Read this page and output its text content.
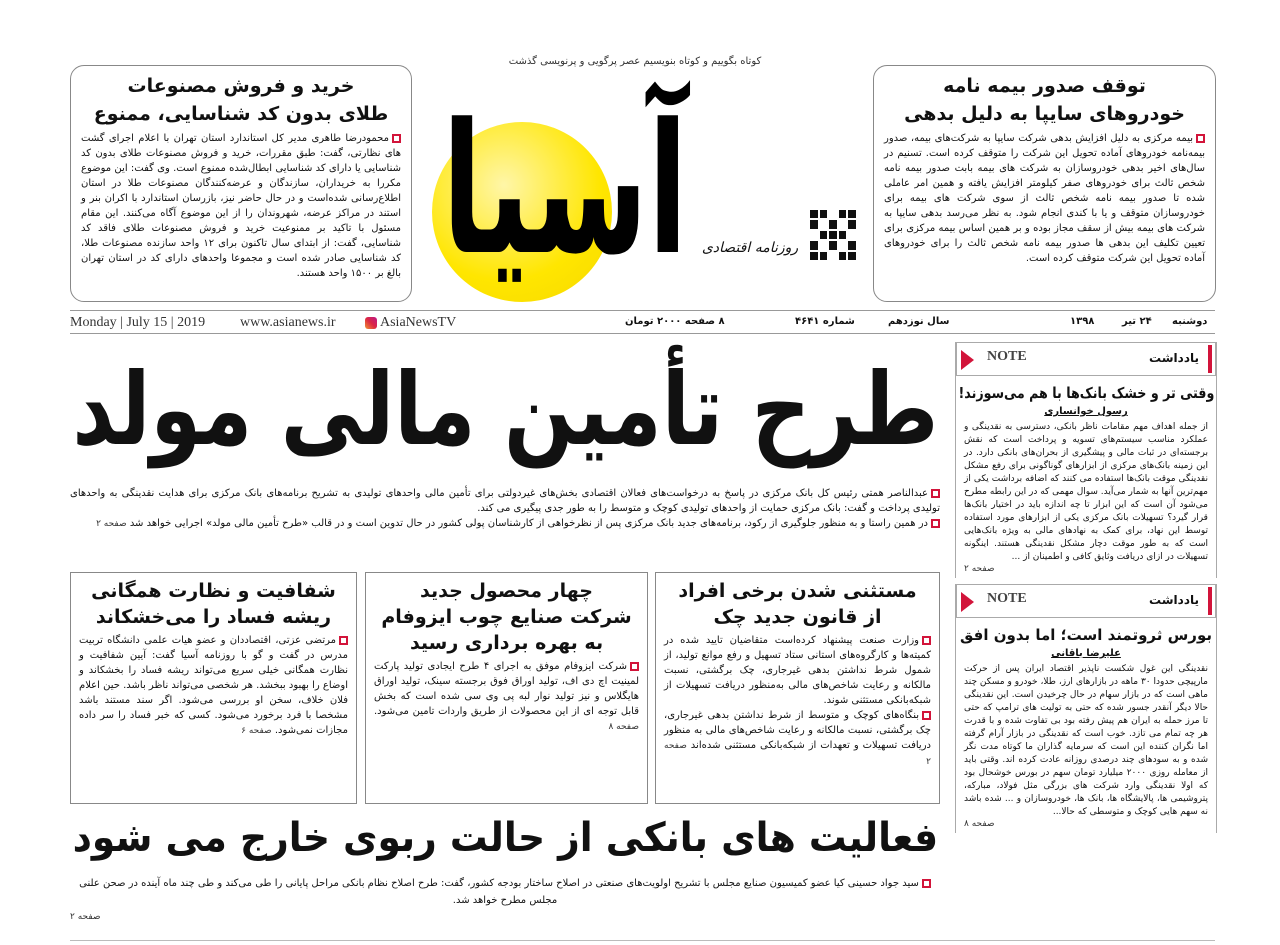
خرید و فروش مصنوعات
طلای بدون کد شناسایی، ممنوع

محمودرضا طاهری مدیر کل استاندارد استان تهران با اعلام اجرای گشت های نظارتی، گفت: طبق مقررات، خرید و فروش مصنوعات طلای بدون کد شناسایی یا دارای کد شناسایی ابطال‌شده ممنوع است. وی گفت: این موضوع مکررا به خریداران، سازندگان و عرضه‌کنندگان مصنوعات طلا در استان اطلاع‌رسانی شده‌است و در حال حاضر نیز، بازرسان استاندارد با اکران بنر و استند در مراکز عرضه، شهروندان را از این موضوع آگاه می‌کنند. این مقام مسئول با تاکید بر ممنوعیت خرید و فروش مصنوعات طلای فاقد کد شناسایی، گفت: از ابتدای سال تاکنون برای ۱۲ واحد سازنده مصنوعات طلا، کد شناسایی صادر شده است و مجموعا واحدهای دارای کد در استان تهران بالغ بر ۱۵۰۰ واحد هستند.

توقف صدور بیمه نامه
خودروهای سایپا به دلیل بدهی

بیمه مرکزی به دلیل افزایش بدهی شرکت سایپا به شرکت‌های بیمه، صدور بیمه‌نامه خودروهای آماده تحویل این شرکت را متوقف کرده است. تسنیم در سال‌های اخیر بدهی خودروسازان به شرکت های بیمه بابت صدور بیمه نامه شخص ثالث برای خودروهای صفر کیلومتر افزایش یافته و همین امر عاملی شده تا صدور بیمه نامه شخص ثالث از سوی شرکت های بیمه برای خودروسازان متوقف و یا با کندی انجام شود. به نظر می‌رسد بدهی سایپا به شرکت های بیمه بیش از سقف مجاز بوده و بر همین اساس بیمه مرکزی برای تعیین تکلیف این بدهی ها صدور بیمه نامه شخص ثالث را برای خودروهای آماده تحویل این شرکت متوقف کرده است.

کوتاه بگوییم و کوتاه بنویسیم عصر پرگویی و پرنویسی گذشت
آسیا روزنامه اقتصادی
Monday | July 15 | 2019 www.asianews.ir	AsiaNewsTV	۸ صفحه ۲۰۰۰ تومان	شماره ۴۶۴۱	سال نوزدهم	۱۳۹۸	۲۴ تیر دوشنبه
طرح تأمین مالی مولد
عبدالناصر همتی رئیس کل بانک مرکزی در پاسخ به درخواست‌های فعالان اقتصادی بخش‌های غیردولتی برای تأمین مالی واحدهای تولیدی به تشریح برنامه‌های بانک مرکزی برای هدایت نقدینگی به واحدهای تولیدی پرداخت و گفت: بانک مرکزی حمایت از واحدهای تولیدی کوچک و متوسط را به طور جدی پیگیری می کند.
در همین راستا و به منظور جلوگیری از رکود، برنامه‌های جدید بانک مرکزی پس از نظرخواهی از کارشناسان پولی کشور در حال تدوین است و در قالب «طرح تأمین مالی مولد» اجرایی خواهد شد صفحه ۲
مستثنی شدن برخی افراد
از قانون جدید چک

وزارت صنعت پیشنهاد کرده‌است متقاضیان تایید شده در کمیته‌ها و کارگروه‌های استانی ستاد تسهیل و رفع موانع تولید، از شمول شرط نداشتن بدهی غیرجاری، چک برگشتی، نسبت مالکانه و رعایت شاخص‌های مالی به‌منظور دریافت تسهیلات از شبکه‌بانکی مستثنی شوند.

بنگاه‌های کوچک و متوسط از شرط نداشتن بدهی غیرجاری، چک برگشتی، نسبت مالکانه و رعایت شاخص‌های مالی به منظور دریافت تسهیلات و تعهدات از شبکه‌بانکی مستثنی شده‌اند صفحه ۲

چهار محصول جدید
شرکت صنایع چوب ایزوفام
به بهره برداری رسید

شرکت ایزوفام موفق به اجرای ۴ طرح ایجادی تولید پارکت لمینیت اچ دی اف، تولید اوراق فوق برجسته سینک، تولید اوراق هایگلاس و نیز تولید نوار لبه پی وی سی شده است که بخش قابل توجه ای از این محصولات از طریق واردات تامین می‌شود. صفحه ۸

شفافیت و نظارت همگانی
ریشه فساد را می‌خشکاند

مرتضی عزتی، اقتصاددان و عضو هیات علمی دانشگاه تربیت مدرس در گفت و گو با روزنامه آسیا گفت: آیین شفافیت و نظارت همگانی خیلی سریع می‌تواند ریشه فساد را بخشکاند و اوضاع را بهبود ببخشد. هر شخصی می‌تواند ناظر باشد. حین اعلام فلان خلاف، سخن او بررسی می‌شود. اگر سند مستند باشد مشخصا با فرد برخورد می‌شود. کسی که خبر فساد را سر داده مجازات نمی‌شود. صفحه ۶

فعالیت های بانکی از حالت ربوی خارج می شود
سید جواد حسینی کیا عضو کمیسیون صنایع مجلس با تشریح اولویت‌های صنعتی در اصلاح ساختار بودجه کشور، گفت: طرح اصلاح نظام بانکی مراحل پایانی را طی می‌کند و طی چند ماه آینده در صحن علنی مجلس مطرح خواهد شد.
صفحه ۲
NOTE	یادداشت
وقتی تر و خشک بانک‌ها با هم می‌سوزند!
رسول خوانساری

از جمله اهداف مهم مقامات ناظر بانکی، دسترسی به نقدینگی و عملکرد مناسب سیستم‌های تسویه و پرداخت است که نقش برجسته‌ای در ثبات مالی و پیشگیری از بحران‌های بانکی دارد. در این زمینه بانک‌های مرکزی از ابزارهای گوناگونی برای رفع مشکل نقدینگی موقت بانک‌ها استفاده می کنند که اضافه برداشت یکی از مهم‌ترین آنها به شمار می‌آید. سوال مهمی که در این رابطه مطرح می‌شود آن است که این ابزار تا چه اندازه باید در اختیار بانک‌ها قرار گیرد؟ تسهیلات بانک مرکزی یکی از ابزارهای مورد استفاده توسط این نهاد، برای کمک به نهادهای مالی به ویژه بانک‌هایی است که به طور موقت دچار مشکل نقدینگی هستند. اینگونه تسهیلات در ازای دریافت وثایق کافی و اطمینان از ...

صفحه ۲
NOTE	یادداشت
بورس ثروتمند است؛ اما بدون افق
علیرضا باقانی

نقدینگی این غول شکست ناپذیر اقتصاد ایران پس از حرکت مارپیچی حدودا ۳۰ ماهه در بازارهای ارز، طلا، خودرو و مسکن چند ماهی است که در بازار سهام در حال چرخیدن است. این نقدینگی حالا دیگر آنقدر جسور شده که حتی به تولیت های ترامپ که حتی تا مرز حمله به ایران هم پیش رفته بود بی تفاوت شده و با قدرت هر چه تمام می تازد. خوب است که نقدینگی در بازار آرام گرفته اما نگران کننده این است که سرمایه گذاران ما کوتاه مدت نگر شده و به سودهای چند درصدی روزانه عادت کرده اند. وقتی باید از معامله روزی ۲۰۰۰ میلیارد تومان سهم در بورس خوشحال بود که اولا نقدینگی وارد شرکت های بزرگی مثل فولاد، مبارکه، پتروشیمی ها، پالایشگاه ها، بانک ها، خودروسازان و ... شده باشد نه سهم هایی کوچک و متوسطی که حالا...

صفحه ۸
